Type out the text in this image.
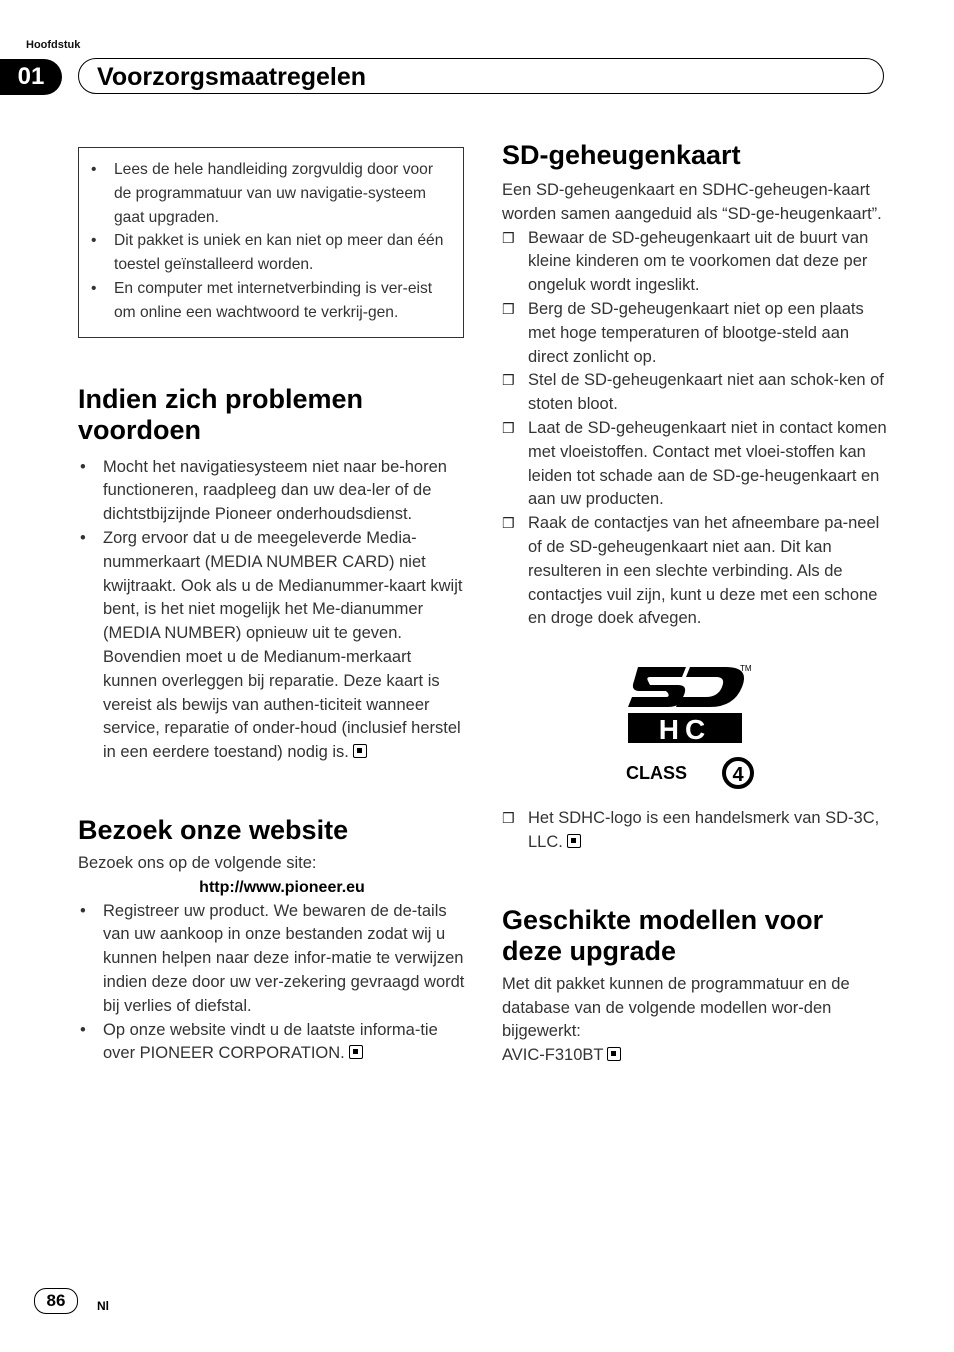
Hoofdstuk
01	Voorzorgsmaatregelen
• Lees de hele handleiding zorgvuldig door voor de programmatuur van uw navigatie-systeem gaat upgraden.
• Dit pakket is uniek en kan niet op meer dan één toestel geïnstalleerd worden.
• En computer met internetverbinding is ver-eist om online een wachtwoord te verkrij-gen.
Indien zich problemen voordoen
• Mocht het navigatiesysteem niet naar be-horen functioneren, raadpleeg dan uw dea-ler of de dichtstbijzijnde Pioneer onderhoudsdienst.
• Zorg ervoor dat u de meegeleverde Media-nummerkaart (MEDIA NUMBER CARD) niet kwijtraakt. Ook als u de Medianummer-kaart kwijt bent, is het niet mogelijk het Me-dianummer (MEDIA NUMBER) opnieuw uit te geven. Bovendien moet u de Medianum-merkaart kunnen overleggen bij reparatie. Deze kaart is vereist als bewijs van authen-ticiteit wanneer service, reparatie of onder-houd (inclusief herstel in een eerdere toestand) nodig is.
Bezoek onze website
Bezoek ons op de volgende site:
http://www.pioneer.eu
• Registreer uw product. We bewaren de de-tails van uw aankoop in onze bestanden zodat wij u kunnen helpen naar deze infor-matie te verwijzen indien deze door uw ver-zekering gevraagd wordt bij verlies of diefstal.
• Op onze website vindt u de laatste informa-tie over PIONEER CORPORATION.
SD-geheugenkaart
Een SD-geheugenkaart en SDHC-geheugen-kaart worden samen aangeduid als “SD-ge-heugenkaart”.
❒ Bewaar de SD-geheugenkaart uit de buurt van kleine kinderen om te voorkomen dat deze per ongeluk wordt ingeslikt.
❒ Berg de SD-geheugenkaart niet op een plaats met hoge temperaturen of blootge-steld aan direct zonlicht op.
❒ Stel de SD-geheugenkaart niet aan schok-ken of stoten bloot.
❒ Laat de SD-geheugenkaart niet in contact komen met vloeistoffen. Contact met vloei-stoffen kan leiden tot schade aan de SD-ge-heugenkaart en aan uw producten.
❒ Raak de contactjes van het afneembare pa-neel of de SD-geheugenkaart niet aan. Dit kan resulteren in een slechte verbinding. Als de contactjes vuil zijn, kunt u deze met een schone en droge doek afvegen.
TM
HC
CLASS 4
❒ Het SDHC-logo is een handelsmerk van SD-3C, LLC.
Geschikte modellen voor deze upgrade
Met dit pakket kunnen de programmatuur en de database van de volgende modellen wor-den bijgewerkt:
AVIC-F310BT
86	Nl
